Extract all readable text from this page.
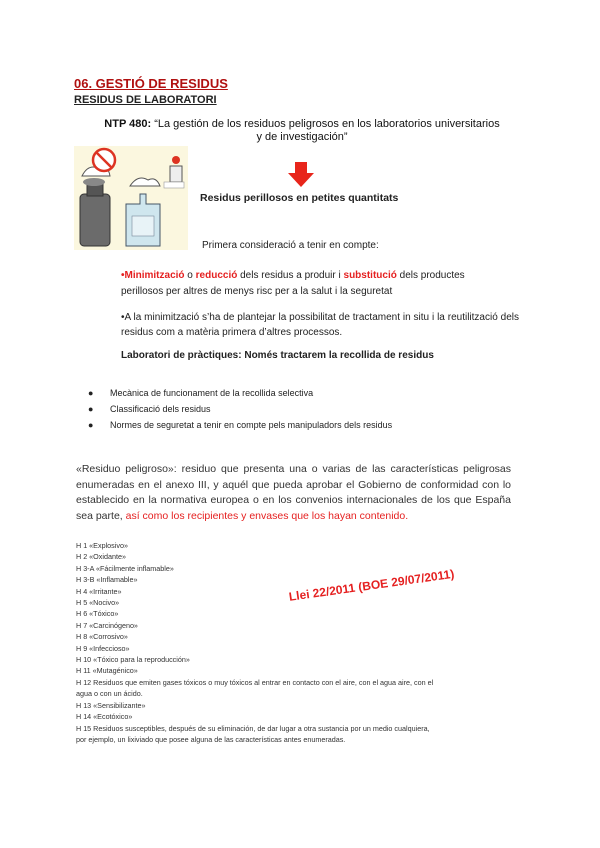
06. GESTIÓ DE RESIDUS
RESIDUS DE LABORATORI
NTP 480: “La gestión de los residuos peligrosos en los laboratorios universitarios
y de investigación”
Residus perillosos en petites quantitats
Primera consideració a tenir en compte:
•Minimització o reducció dels residus a produir i substitució dels productes
perillosos per altres de menys risc per a la salut i la seguretat
•A la minimització s’ha de plantejar la possibilitat de tractament in situ i la reutilització dels residus com a matèria primera d’altres processos.
Laboratori de pràctiques: Només tractarem la recollida de residus
● Mecànica de funcionament de la recollida selectiva
● Classificació dels residus
● Normes de seguretat a tenir en compte pels manipuladors dels residus
«Residuo peligroso»: residuo que presenta una o varias de las características peligrosas enumeradas en el anexo III, y aquél que pueda aprobar el Gobierno de conformidad con lo establecido en la normativa europea o en los convenios internacionales de los que España sea parte, así como los recipientes y envases que los hayan contenido.
H 1 «Explosivo»
H 2 «Oxidante»
H 3-A «Fácilmente inflamable»
H 3-B «Inflamable»
H 4 «Irritante»
H 5 «Nocivo»
H 6 «Tóxico»
H 7 «Carcinógeno»
H 8 «Corrosivo»
H 9 «Infeccioso»
H 10 «Tóxico para la reproducción»
H 11 «Mutagénico»
H 12 Residuos que emiten gases tóxicos o muy tóxicos al entrar en contacto con el aire, con el agua aire, con el
agua o con un ácido.
H 13 «Sensibilizante»
H 14 «Ecotóxico»
H 15 Residuos susceptibles, después de su eliminación, de dar lugar a otra sustancia por un medio cualquiera,
por ejemplo, un lixiviado que posee alguna de las características antes enumeradas.
Llei 22/2011 (BOE 29/07/2011)
